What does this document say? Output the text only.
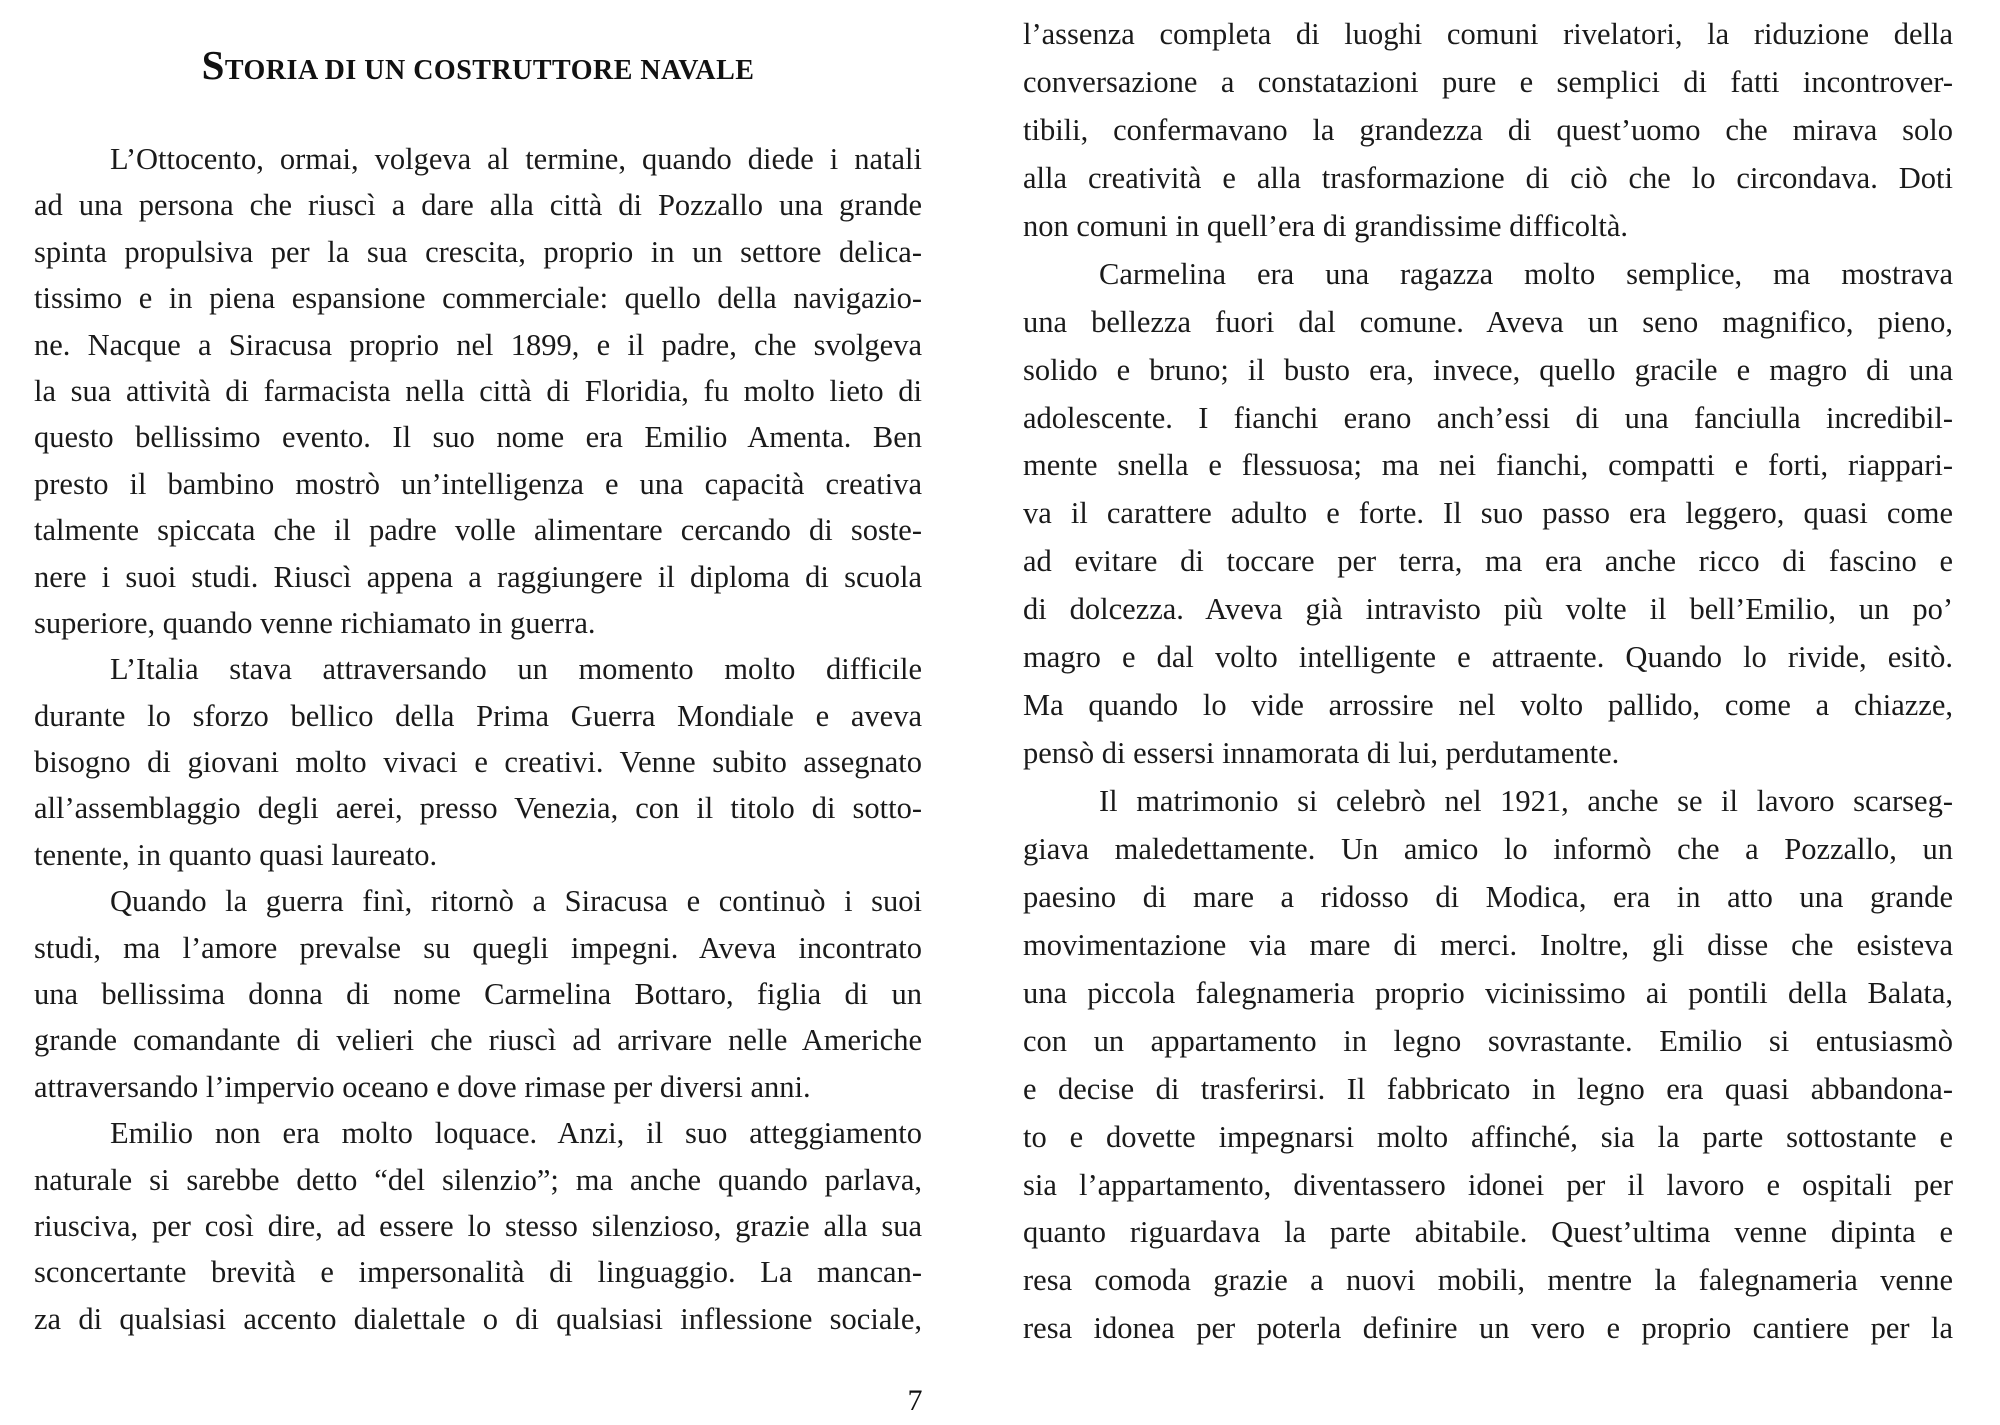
STORIA DI UN COSTRUTTORE NAVALE
L’Ottocento, ormai, volgeva al termine, quando diede i natali
ad una persona che riuscì a dare alla città di Pozzallo una grande
spinta propulsiva per la sua crescita, proprio in un settore delica-
tissimo e in piena espansione commerciale: quello della navigazio-
ne. Nacque a Siracusa proprio nel 1899, e il padre, che svolgeva
la sua attività di farmacista nella città di Floridia, fu molto lieto di
questo bellissimo evento. Il suo nome era Emilio Amenta. Ben
presto il bambino mostrò un’intelligenza e una capacità creativa
talmente spiccata che il padre volle alimentare cercando di soste-
nere i suoi studi. Riuscì appena a raggiungere il diploma di scuola
superiore, quando venne richiamato in guerra.
L’Italia stava attraversando un momento molto difficile
durante lo sforzo bellico della Prima Guerra Mondiale e aveva
bisogno di giovani molto vivaci e creativi. Venne subito assegnato
all’assemblaggio degli aerei, presso Venezia, con il titolo di sotto-
tenente, in quanto quasi laureato.
Quando la guerra finì, ritornò a Siracusa e continuò i suoi
studi, ma l’amore prevalse su quegli impegni. Aveva incontrato
una bellissima donna di nome Carmelina Bottaro, figlia di un
grande comandante di velieri che riuscì ad arrivare nelle Americhe
attraversando l’impervio oceano e dove rimase per diversi anni.
Emilio non era molto loquace. Anzi, il suo atteggiamento
naturale si sarebbe detto “del silenzio”; ma anche quando parlava,
riusciva, per così dire, ad essere lo stesso silenzioso, grazie alla sua
sconcertante brevità e impersonalità di linguaggio. La mancan-
za di qualsiasi accento dialettale o di qualsiasi inflessione sociale,
7
l’assenza completa di luoghi comuni rivelatori, la riduzione della
conversazione a constatazioni pure e semplici di fatti incontrover-
tibili, confermavano la grandezza di quest’uomo che mirava solo
alla creatività e alla trasformazione di ciò che lo circondava. Doti
non comuni in quell’era di grandissime difficoltà.
Carmelina era una ragazza molto semplice, ma mostrava
una bellezza fuori dal comune. Aveva un seno magnifico, pieno,
solido e bruno; il busto era, invece, quello gracile e magro di una
adolescente. I fianchi erano anch’essi di una fanciulla incredibil-
mente snella e flessuosa; ma nei fianchi, compatti e forti, riappari-
va il carattere adulto e forte. Il suo passo era leggero, quasi come
ad evitare di toccare per terra, ma era anche ricco di fascino e
di dolcezza. Aveva già intravisto più volte il bell’Emilio, un po’
magro e dal volto intelligente e attraente. Quando lo rivide, esitò.
Ma quando lo vide arrossire nel volto pallido, come a chiazze,
pensò di essersi innamorata di lui, perdutamente.
Il matrimonio si celebrò nel 1921, anche se il lavoro scarseg-
giava maledettamente. Un amico lo informò che a Pozzallo, un
paesino di mare a ridosso di Modica, era in atto una grande
movimentazione via mare di merci. Inoltre, gli disse che esisteva
una piccola falegnameria proprio vicinissimo ai pontili della Balata,
con un appartamento in legno sovrastante. Emilio si entusiasmò
e decise di trasferirsi. Il fabbricato in legno era quasi abbandona-
to e dovette impegnarsi molto affinché, sia la parte sottostante e
sia l’appartamento, diventassero idonei per il lavoro e ospitali per
quanto riguardava la parte abitabile. Quest’ultima venne dipinta e
resa comoda grazie a nuovi mobili, mentre la falegnameria venne
resa idonea per poterla definire un vero e proprio cantiere per la
